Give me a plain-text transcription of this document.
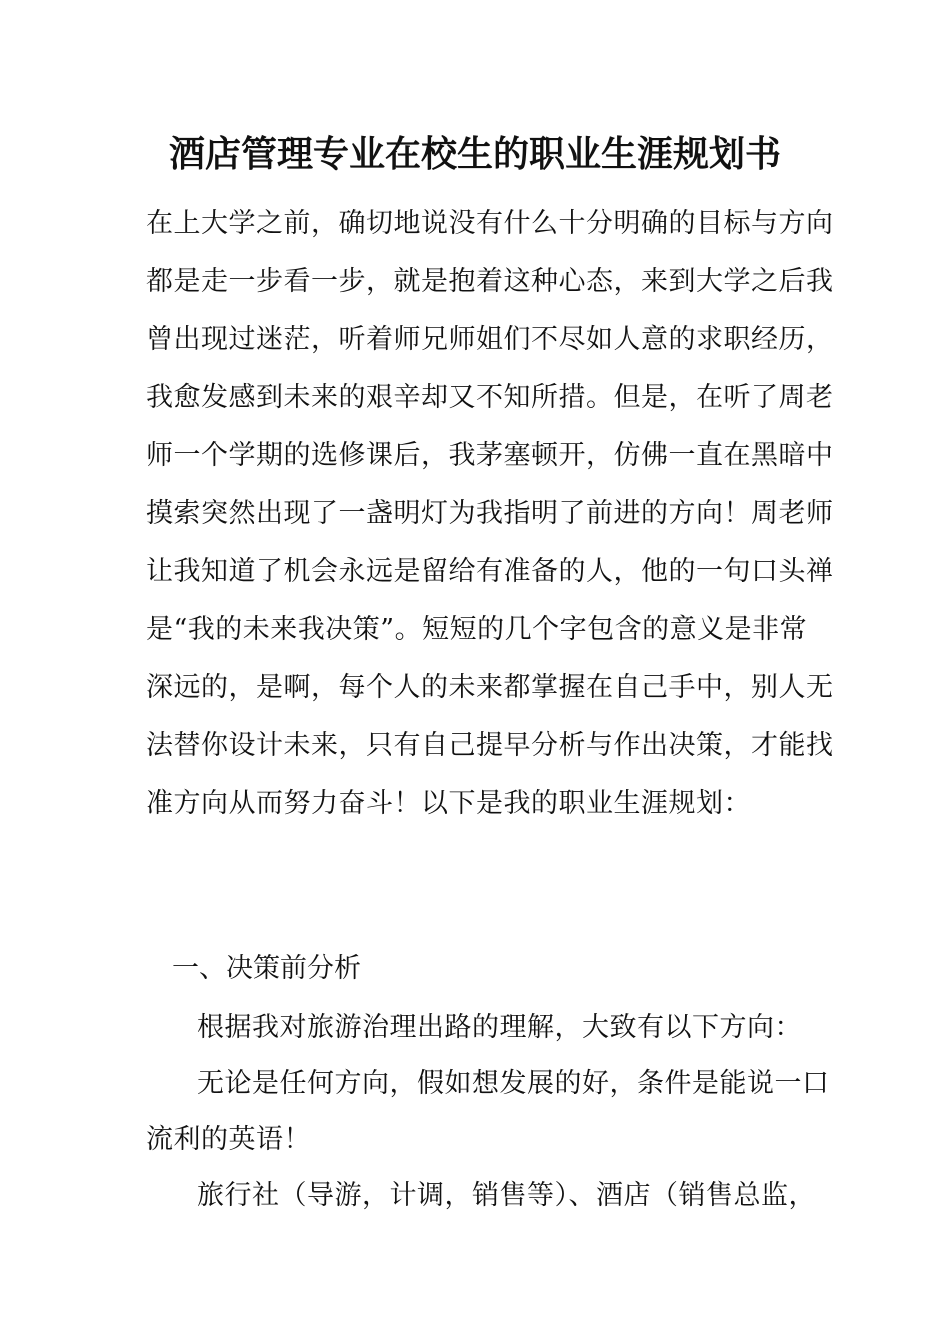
酒店管理专业在校生的职业生涯规划书
在上大学之前，确切地说没有什么十分明确的目标与方向
都是走一步看一步，就是抱着这种心态，来到大学之后我
曾出现过迷茫，听着师兄师姐们不尽如人意的求职经历，
我愈发感到未来的艰辛却又不知所措。但是，在听了周老
师一个学期的选修课后，我茅塞顿开，仿佛一直在黑暗中
摸索突然出现了一盏明灯为我指明了前进的方向！周老师
让我知道了机会永远是留给有准备的人，他的一句口头禅
是“我的未来我决策”。短短的几个字包含的意义是非常
深远的，是啊，每个人的未来都掌握在自己手中，别人无
法替你设计未来，只有自己提早分析与作出决策，才能找
准方向从而努力奋斗！以下是我的职业生涯规划：
一、决策前分析
根据我对旅游治理出路的理解，大致有以下方向：
无论是任何方向，假如想发展的好，条件是能说一口
流利的英语！
旅行社（导游，计调，销售等）、酒店（销售总监，
